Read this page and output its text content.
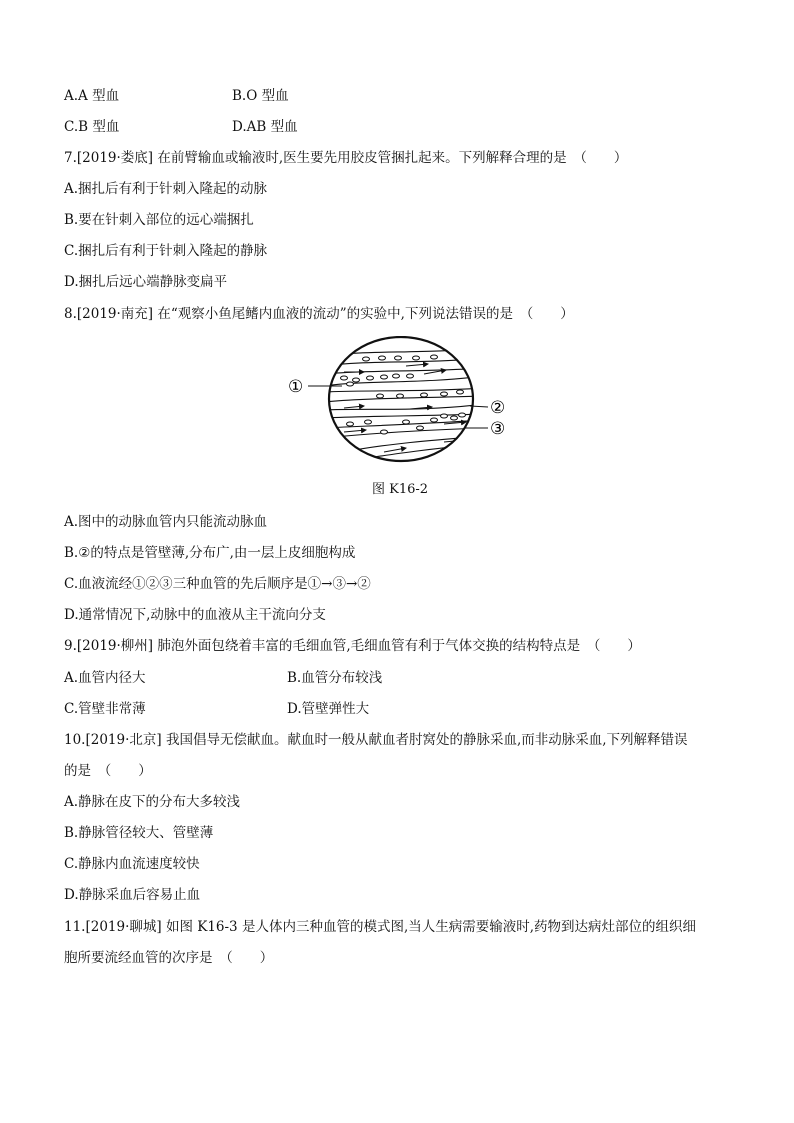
A.A 型血	B.O 型血
C.B 型血	D.AB 型血
7.[2019·娄底] 在前臂输血或输液时,医生要先用胶皮管捆扎起来。下列解释合理的是　（　　）
A.捆扎后有利于针刺入隆起的动脉
B.要在针刺入部位的远心端捆扎
C.捆扎后有利于针刺入隆起的静脉
D.捆扎后远心端静脉变扁平
8.[2019·南充] 在“观察小鱼尾鳍内血液的流动”的实验中,下列说法错误的是　（　　）
①
②
③
图 K16-2
A.图中的动脉血管内只能流动脉血
B.②的特点是管壁薄,分布广,由一层上皮细胞构成
C.血液流经①②③三种血管的先后顺序是①→③→②
D.通常情况下,动脉中的血液从主干流向分支
9.[2019·柳州] 肺泡外面包绕着丰富的毛细血管,毛细血管有利于气体交换的结构特点是　（　　）
A.血管内径大	B.血管分布较浅
C.管壁非常薄	D.管壁弹性大
10.[2019·北京] 我国倡导无偿献血。献血时一般从献血者肘窝处的静脉采血,而非动脉采血,下列解释错误
的是　（　　）
A.静脉在皮下的分布大多较浅
B.静脉管径较大、管壁薄
C.静脉内血流速度较快
D.静脉采血后容易止血
11.[2019·聊城] 如图 K16-3 是人体内三种血管的模式图,当人生病需要输液时,药物到达病灶部位的组织细
胞所要流经血管的次序是　（　　）
